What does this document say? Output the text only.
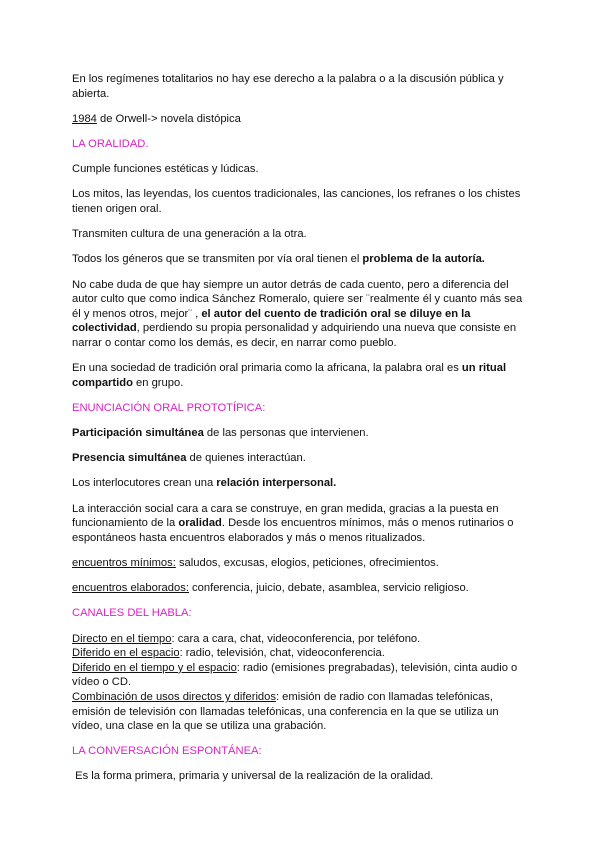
En los regímenes totalitarios no hay ese derecho a la palabra o a la discusión pública y abierta.

1984 de Orwell-> novela distópica

LA ORALIDAD.

Cumple funciones estéticas y lúdicas.

Los mitos, las leyendas, los cuentos tradicionales, las canciones, los refranes o los chistes tienen origen oral.

Transmiten cultura de una generación a la otra.

Todos los géneros que se transmiten por vía oral tienen el problema de la autoría.

No cabe duda de que hay siempre un autor detrás de cada cuento, pero a diferencia del autor culto que como indica Sánchez Romeralo, quiere ser ¨realmente él y cuanto más sea él y menos otros, mejor¨ , el autor del cuento de tradición oral se diluye en la colectividad, perdiendo su propia personalidad y adquiriendo una nueva que consiste en narrar o contar como los demás, es decir, en narrar como pueblo.

En una sociedad de tradición oral primaria como la africana, la palabra oral es un ritual compartido en grupo.

ENUNCIACIÓN ORAL PROTOTÍPICA:

Participación simultánea de las personas que intervienen.

Presencia simultánea de quienes interactúan.

Los interlocutores crean una relación interpersonal.

La interacción social cara a cara se construye, en gran medida, gracias a la puesta en funcionamiento de la oralidad. Desde los encuentros mínimos, más o menos rutinarios o espontáneos hasta encuentros elaborados y más o menos ritualizados.

encuentros mínimos: saludos, excusas, elogios, peticiones, ofrecimientos.

encuentros elaborados: conferencia, juicio, debate, asamblea, servicio religioso.

CANALES DEL HABLA:

Directo en el tiempo: cara a cara, chat, videoconferencia, por teléfono.

Diferido en el espacio: radio, televisión, chat, videoconferencia.

Diferido en el tiempo y el espacio: radio (emisiones pregrabadas), televisión, cinta audio o vídeo o CD.

Combinación de usos directos y diferidos: emisión de radio con llamadas telefónicas, emisión de televisión con llamadas telefónicas, una conferencia en la que se utiliza un vídeo, una clase en la que se utiliza una grabación.

LA CONVERSACIÓN ESPONTÁNEA:

Es la forma primera, primaria y universal de la realización de la oralidad.
